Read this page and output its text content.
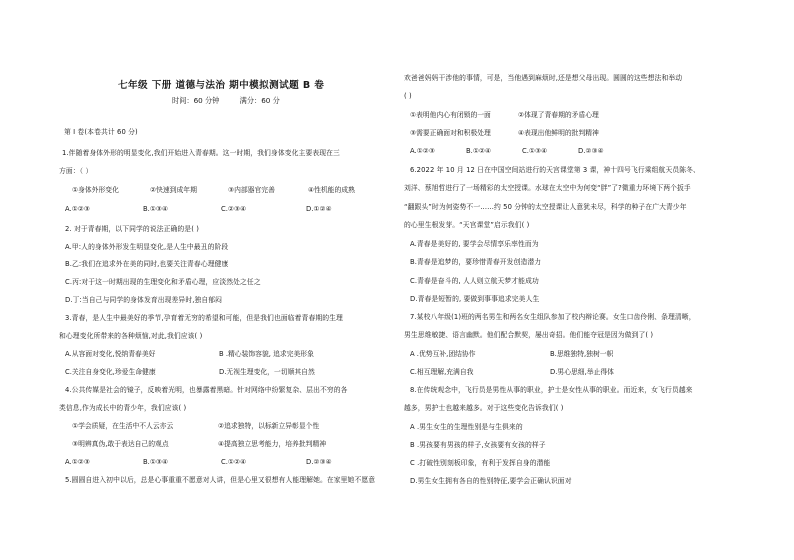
七年级 下册 道德与法治 期中模拟测试题 B 卷
时间：60 分钟	满分：60 分
第 I 卷(本卷共计 60 分)
1.伴随着身体外形的明显变化,我们开始进入青春期。这一时期，我们身体变化主要表现在三
方面：（ ）
①身体外形变化	②快速到成年期	③内部器官完善	④性机能的成熟
A.①②③	B.①③④	C.②③④	D.①②④
2. 对于青春期，以下同学的说法正确的是( )
A.甲:人的身体外形发生明显变化,是人生中最丑的阶段
B.乙:我们在追求外在美的同时,也要关注青春心理健康
C.丙:对于这一时期出现的生理变化和矛盾心理，应淡然处之任之
D.丁:当自己与同学的身体发育出现差异时,独自郁闷
3.青春，是人生中最美好的季节,孕育着无穷的希望和可能，但是我们也面临着青春期的生理
和心理变化所带来的各种烦恼,对此,我们应该( )
A.从容面对变化,悦纳青春美好	B .精心装饰容貌, 追求完美形象
C.关注自身变化,珍爱生命健康	D.无视生理变化，一切顺其自然
4.公共传媒是社会的镜子，反映着光明，也暴露着黑暗。针对网络中纷繁复杂、层出不穷的各
类信息,作为成长中的青少年，我们应该( )
①学会质疑，在生活中不人云亦云	②追求独特，以标新立异彰显个性
③明辨真伪,敢于表达自己的观点	④提高独立思考能力，培养批判精神
A.①②③	B.①③④	C.①②④	D.②③④
5.圆圆自进入初中以后，总是心事重重不愿意对人讲，但是心里又很想有人能理解她。在家里她不愿意
欢爸爸妈妈干涉他的事情，可是，当他遇到麻烦时,还是想父母出现。圆圆的这些想法和举动
( )
①表明他内心有闭锁的一面	②体现了青春期的矛盾心理
③需要正确面对和积极处理	④表现出他鲜明的批判精神
A.①②③	B.①②④	C.①③④	D.②③④
6.2022 年 10 月 12 日在中国空间站进行的天宫课堂第 3 课，神十四号飞行乘组航天员陈冬、
刘洋、蔡旭哲进行了一场精彩的太空授课。水球在太空中为何变“胖”了?微重力环境下两个扳手
“翻跟头”时为何姿势不一……约 50 分钟的太空授课让人意犹未尽，科学的种子在广大青少年
的心里生根发芽。“天宫课堂”启示我们( )
A.青春是美好的, 要学会尽情享乐率性而为
B.青春是追梦的，要珍惜青春开发创造潜力
C.青春是奋斗的, 人人则立航天梦才能成功
D.青春是短暂的, 要做到事事追求完美人生
7.某校八年级(1)班的两名男生和两名女生组队参加了校内辩论赛。女生口齿伶俐、条理清晰，
男生思维敏捷、语言幽默。他们配合默契，屡出奇招。他们能夺冠是因为做到了( )
A .优势互补,团结协作	B.思维独特,独树一帜
C.相互理解,充满自我	D.男心思细,举止得体
8.在传统观念中，飞行员是男性从事的职业，护士是女性从事的职业。而近来，女飞行员越来
越多，男护士也越来越多。对于这些变化告诉我们( )
A .男生女生的生理性别是与生俱来的
B .男孩要有男孩的样子,女孩要有女孩的样子
C .打破性别刻板印象，有利于发挥自身的潜能
D.男生女生拥有各自的性别特征,要学会正确认识面对
